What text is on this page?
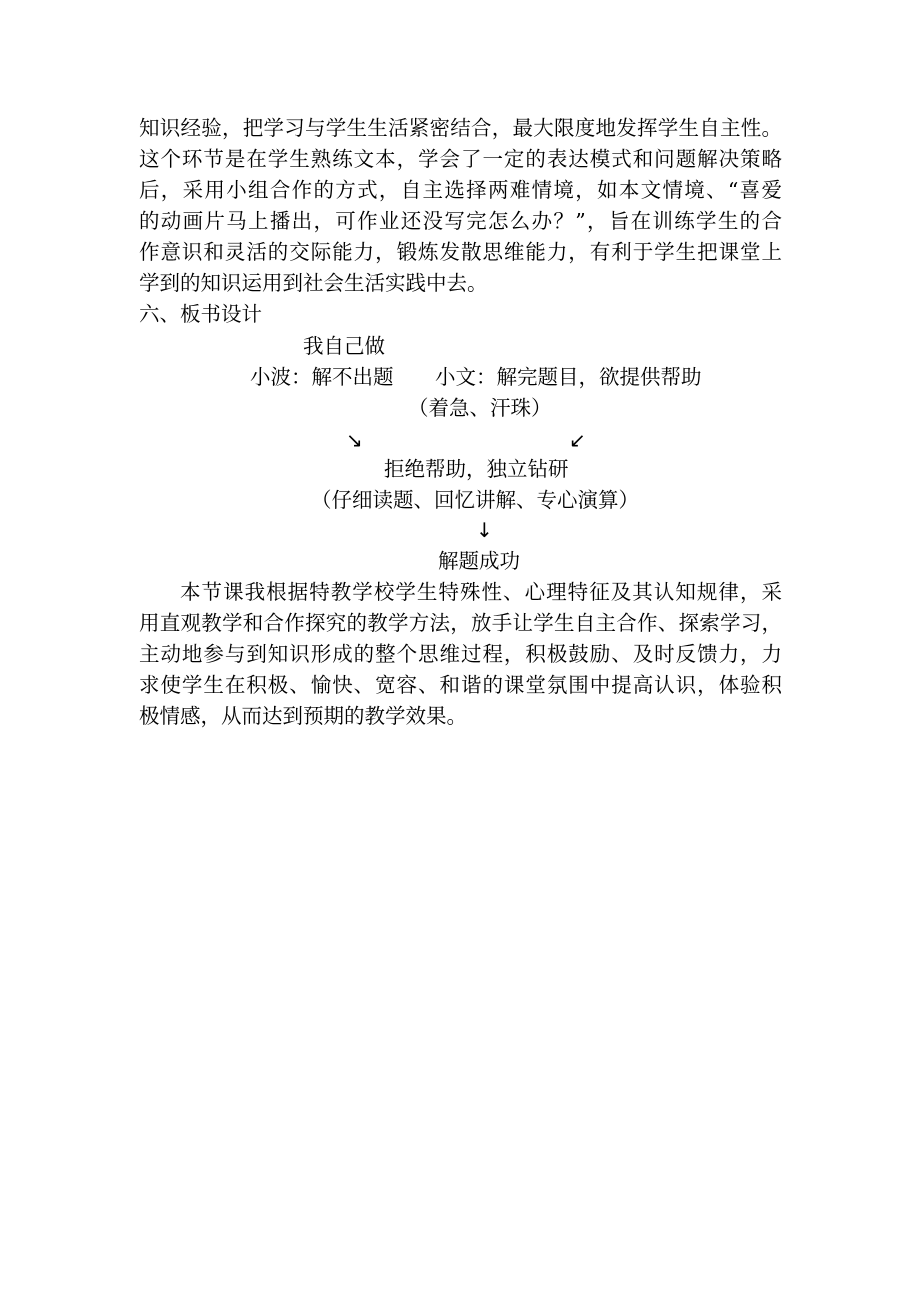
知识经验，把学习与学生生活紧密结合，最大限度地发挥学生自主性。
这个环节是在学生熟练文本，学会了一定的表达模式和问题解决策略
后，采用小组合作的方式，自主选择两难情境，如本文情境、“喜爱
的动画片马上播出，可作业还没写完怎么办？”，旨在训练学生的合
作意识和灵活的交际能力，锻炼发散思维能力，有利于学生把课堂上
学到的知识运用到社会生活实践中去。
六、板书设计
我自己做
小波：解不出题 小文：解完题目，欲提供帮助
（着急、汗珠）
↘	↙
拒绝帮助，独立钻研
（仔细读题、回忆讲解、专心演算）
↓
解题成功
本节课我根据特教学校学生特殊性、心理特征及其认知规律，采
用直观教学和合作探究的教学方法，放手让学生自主合作、探索学习，
主动地参与到知识形成的整个思维过程，积极鼓励、及时反馈力，力
求使学生在积极、愉快、宽容、和谐的课堂氛围中提高认识，体验积
极情感，从而达到预期的教学效果。
